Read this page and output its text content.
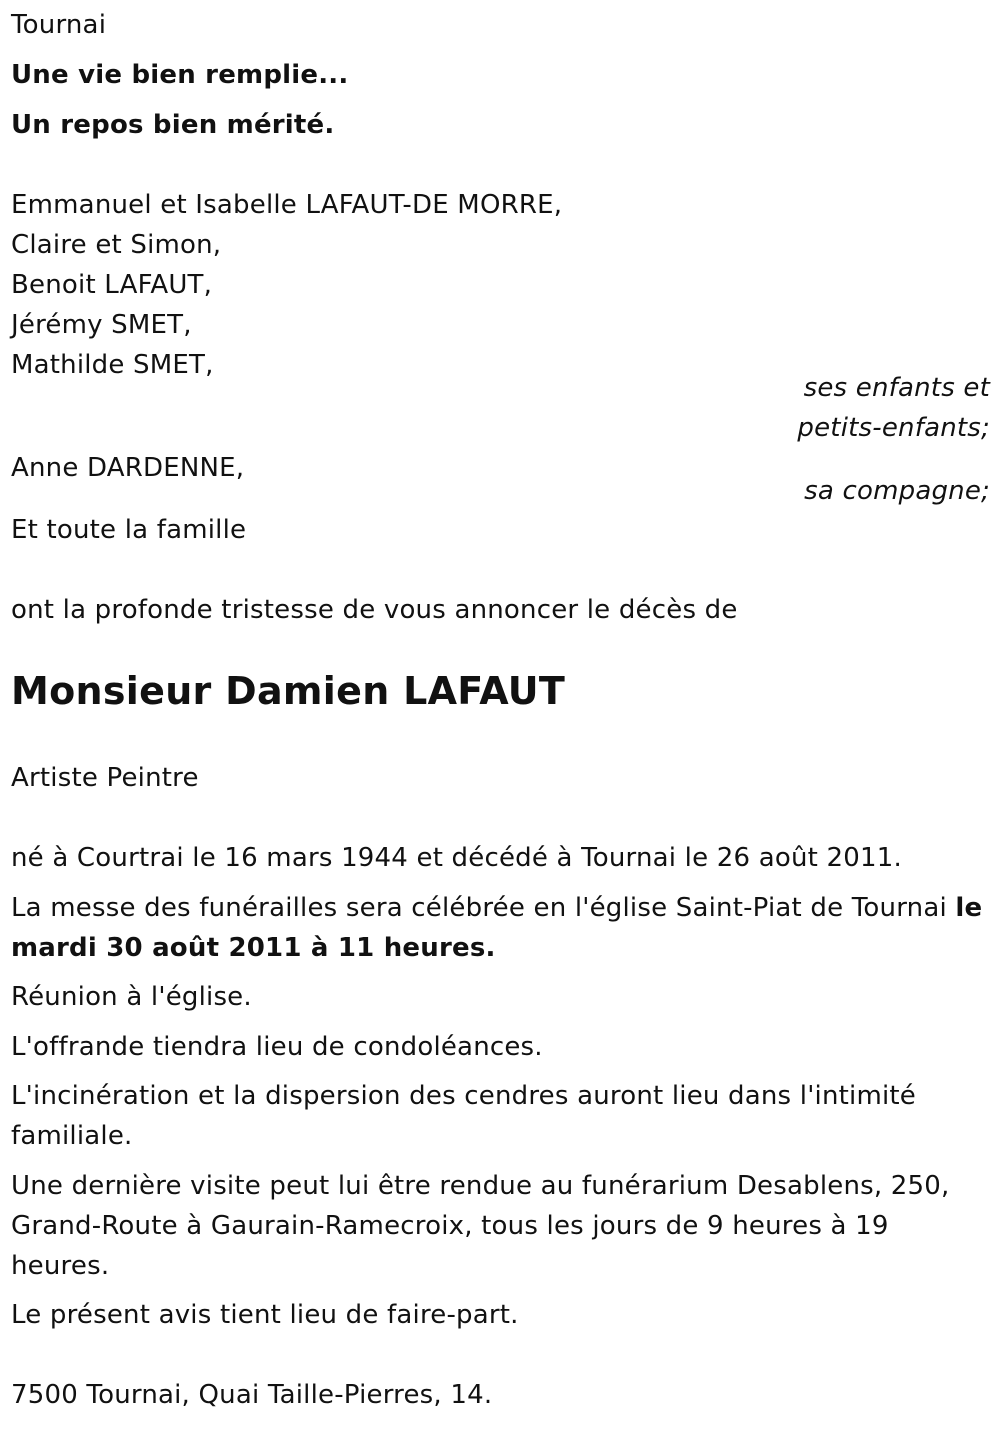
Tournai
Une vie bien remplie...
Un repos bien mérité.
Emmanuel et Isabelle LAFAUT-DE MORRE,
Claire et Simon,
Benoit LAFAUT,
Jérémy SMET,
Mathilde SMET,
ses enfants et
petits-enfants;
Anne DARDENNE,
sa compagne;
Et toute la famille
ont la profonde tristesse de vous annoncer le décès de
Monsieur Damien LAFAUT
Artiste Peintre
né à Courtrai le 16 mars 1944 et décédé à Tournai le 26 août 2011.

La messe des funérailles sera célébrée en l'église Saint-Piat de Tournai le mardi 30 août 2011 à 11 heures.

Réunion à l'église.
L'offrande tiendra lieu de condoléances.

L'incinération et la dispersion des cendres auront lieu dans l'intimité familiale.

Une dernière visite peut lui être rendue au funérarium Desablens, 250, Grand-Route à Gaurain-Ramecroix, tous les jours de 9 heures à 19 heures.

Le présent avis tient lieu de faire-part.
7500 Tournai, Quai Taille-Pierres, 14.
